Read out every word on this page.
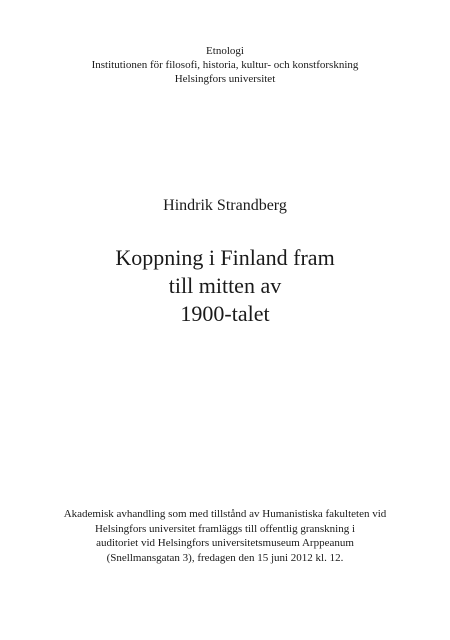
Etnologi
Institutionen för filosofi, historia, kultur- och konstforskning
Helsingfors universitet
Hindrik Strandberg
Koppning i Finland fram
till mitten av
1900-talet
Akademisk avhandling som med tillstånd av Humanistiska fakulteten vid
Helsingfors universitet framläggs till offentlig granskning i
auditoriet vid Helsingfors universitetsmuseum Arppeanum
(Snellmansgatan 3), fredagen den 15 juni 2012 kl. 12.
